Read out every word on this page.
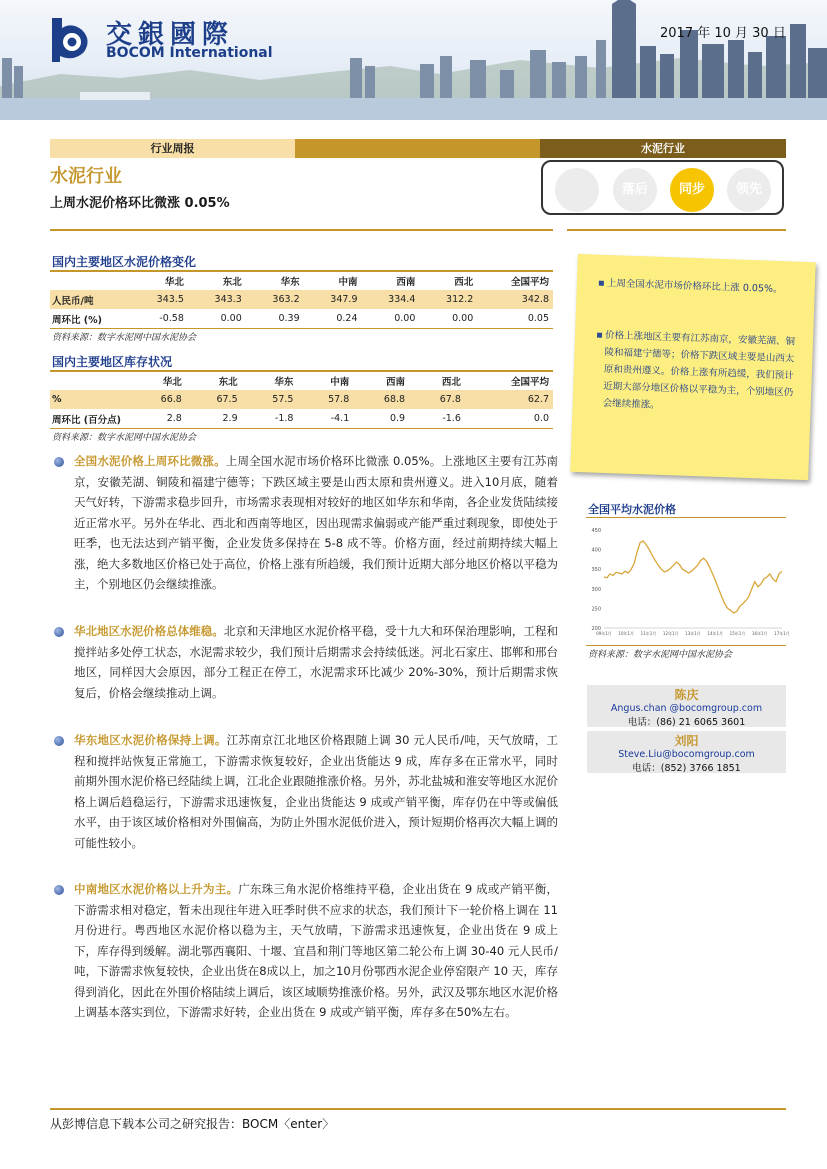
交銀國際
BOCOM International
2017 年 10 月 30 日
行业周报	水泥行业
水泥行业
上周水泥价格环比微涨 0.05%
落后	同步	领先
国内主要地区水泥价格变化
	华北	东北	华东	中南	西南	西北	全国平均
人民币/吨	343.5	343.3	363.2	347.9	334.4	312.2	342.8
周环比 (%)	-0.58	0.00	0.39	0.24	0.00	0.00	0.05
资料来源：数字水泥网中国水泥协会
国内主要地区库存状况
	华北	东北	华东	中南	西南	西北	全国平均
%	66.8	67.5	57.5	57.8	68.8	67.8	62.7
周环比 (百分点)	2.8	2.9	-1.8	-4.1	0.9	-1.6	0.0
资料来源：数字水泥网中国水泥协会
全国水泥价格上周环比微涨。上周全国水泥市场价格环比微涨 0.05%。上涨地区主要有江苏南京，安徽芜湖、铜陵和福建宁德等；下跌区域主要是山西太原和贵州遵义。进入10月底，随着天气好转，下游需求稳步回升，市场需求表现相对较好的地区如华东和华南，各企业发货陆续接近正常水平。另外在华北、西北和西南等地区，因出现需求偏弱或产能严重过剩现象，即使处于旺季，也无法达到产销平衡，企业发货多保持在 5-8 成不等。价格方面，经过前期持续大幅上涨，绝大多数地区价格已处于高位，价格上涨有所趋缓，我们预计近期大部分地区价格以平稳为主，个别地区仍会继续推涨。
华北地区水泥价格总体维稳。北京和天津地区水泥价格平稳，受十九大和环保治理影响，工程和搅拌站多处停工状态，水泥需求较少，我们预计后期需求会持续低迷。河北石家庄、邯郸和邢台地区，同样因大会原因，部分工程正在停工，水泥需求环比减少 20%-30%，预计后期需求恢复后，价格会继续推动上调。
华东地区水泥价格保持上调。江苏南京江北地区价格跟随上调 30 元人民币/吨，天气放晴，工程和搅拌站恢复正常施工，下游需求恢复较好，企业出货能达 9 成，库存多在正常水平，同时前期外围水泥价格已经陆续上调，江北企业跟随推涨价格。另外，苏北盐城和淮安等地区水泥价格上调后趋稳运行，下游需求迅速恢复，企业出货能达 9 成或产销平衡，库存仍在中等或偏低水平，由于该区域价格相对外围偏高，为防止外围水泥低价进入，预计短期价格再次大幅上调的可能性较小。
中南地区水泥价格以上升为主。广东珠三角水泥价格维持平稳，企业出货在 9 成或产销平衡，下游需求相对稳定，暂未出现往年进入旺季时供不应求的状态，我们预计下一轮价格上调在 11 月份进行。粤西地区水泥价格以稳为主，天气放晴，下游需求迅速恢复，企业出货在 9 成上下，库存得到缓解。湖北鄂西襄阳、十堰、宜昌和荆门等地区第二轮公布上调 30-40 元人民币/吨，下游需求恢复较快，企业出货在8成以上，加之10月份鄂西水泥企业停窑限产 10 天，库存得到消化，因此在外围价格陆续上调后，该区域顺势推涨价格。另外，武汉及鄂东地区水泥价格上调基本落实到位，下游需求好转，企业出货在 9 成或产销平衡，库存多在50%左右。
上周全国水泥市场价格环比上涨 0.05%。
价格上涨地区主要有江苏南京，安徽芜湖、铜陵和福建宁德等；价格下跌区域主要是山西太原和贵州遵义。价格上涨有所趋缓，我们预计近期大部分地区价格以平稳为主，个别地区仍会继续推涨。
全国平均水泥价格
200
250
300
350
400
450
09年1月 10年1月 11年1月 12年1月 13年1月 14年1月 15年1月 16年1月 17年1月
资料来源：数字水泥网中国水泥协会
陈庆
Angus.chan @bocomgroup.com
电话：(86) 21 6065 3601
刘阳
Steve.Liu@bocomgroup.com
电话：(852) 3766 1851
从彭博信息下载本公司之研究报告：BOCM〈enter〉
